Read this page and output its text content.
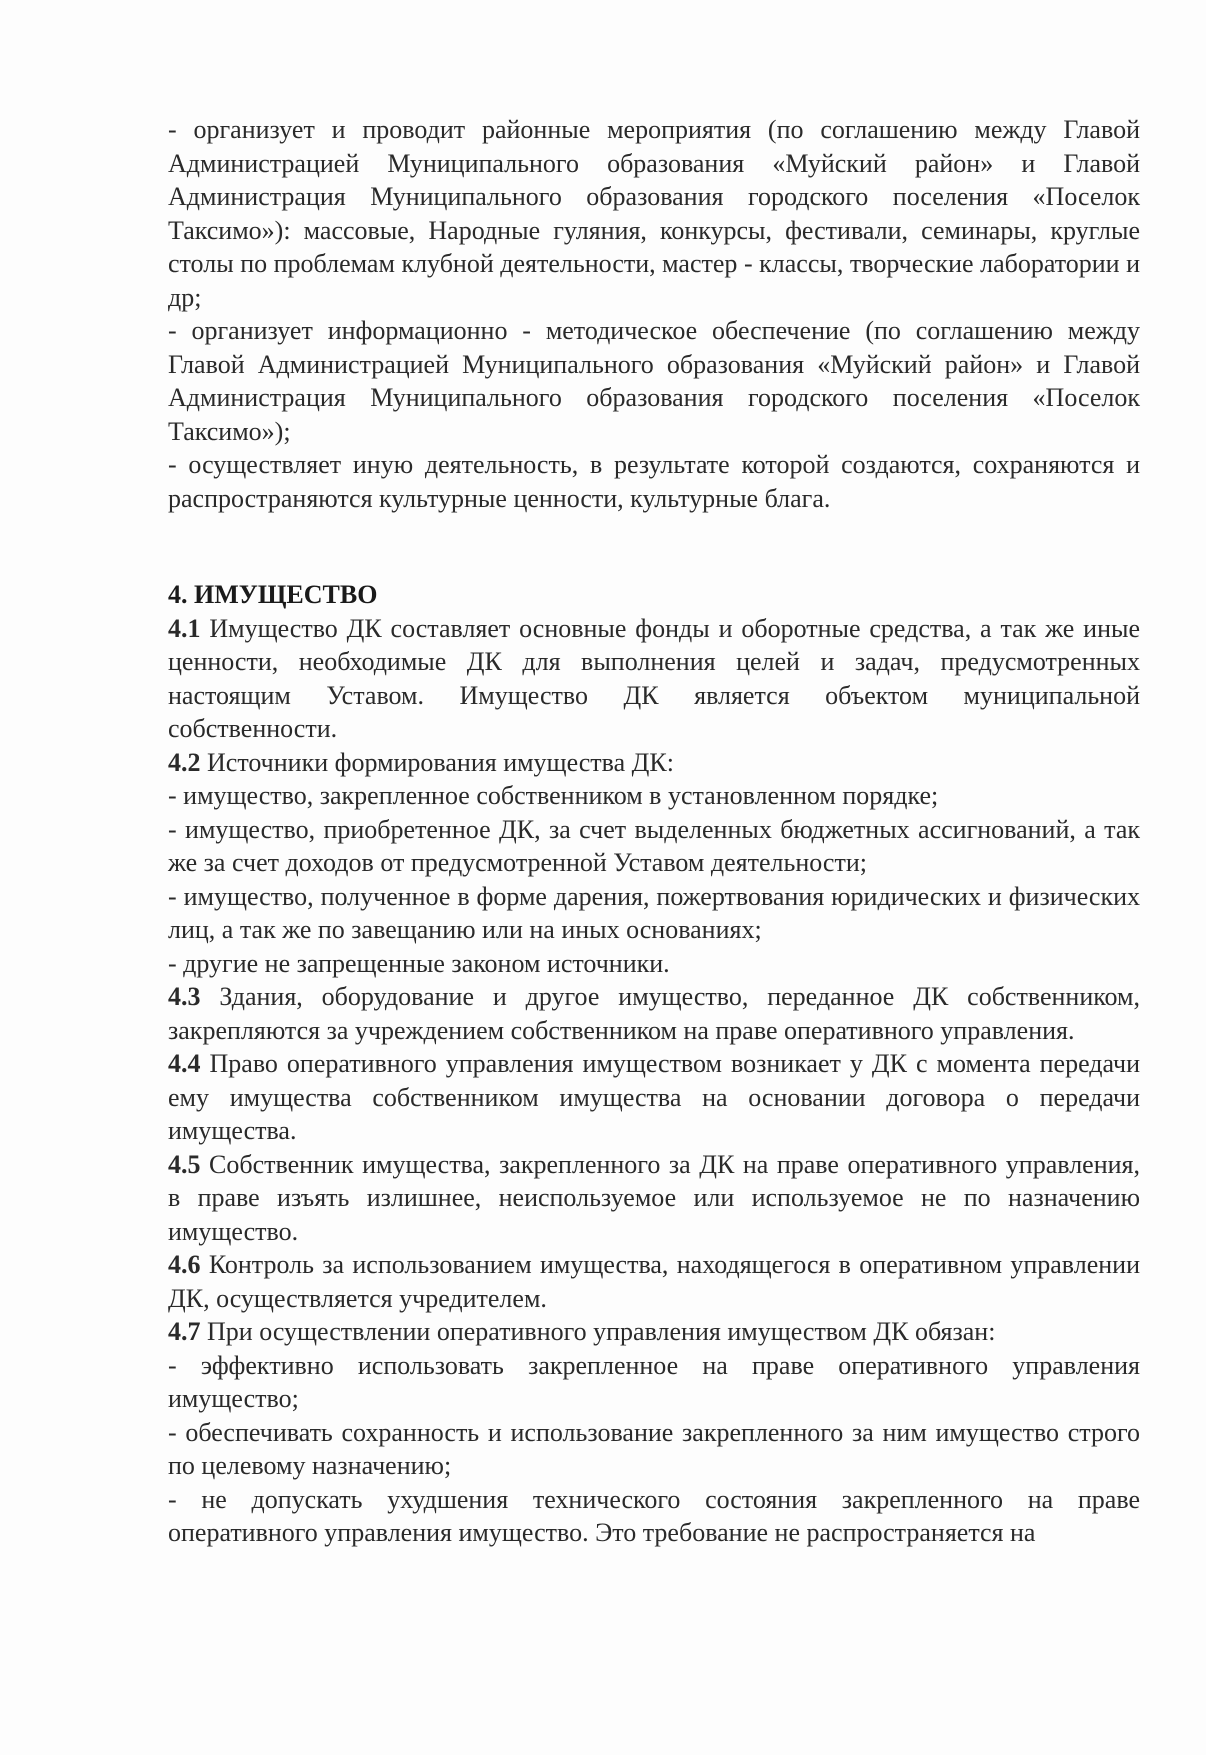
- организует и проводит районные мероприятия (по соглашению между Главой Администрацией Муниципального образования «Муйский район» и Главой Администрация Муниципального образования городского поселения «Поселок Таксимо»): массовые, Народные гуляния, конкурсы, фестивали, семинары, круглые столы по проблемам клубной деятельности, мастер - классы, творческие лаборатории и др;

- организует информационно - методическое обеспечение (по соглашению между Главой Администрацией Муниципального образования «Муйский район» и Главой Администрация Муниципального образования городского поселения «Поселок Таксимо»);

- осуществляет иную деятельность, в результате которой создаются, сохраняются и распространяются культурные ценности, культурные блага.

4. ИМУЩЕСТВО

4.1 Имущество ДК составляет основные фонды и оборотные средства, а так же иные ценности, необходимые ДК для выполнения целей и задач, предусмотренных настоящим Уставом. Имущество ДК является объектом муниципальной собственности.

4.2 Источники формирования имущества ДК:

- имущество, закрепленное собственником в установленном порядке;

- имущество, приобретенное ДК, за счет выделенных бюджетных ассигнований, а так же за счет доходов от предусмотренной Уставом деятельности;

- имущество, полученное в форме дарения, пожертвования юридических и физических лиц, а так же по завещанию или на иных основаниях;

- другие не запрещенные законом источники.

4.3 Здания, оборудование и другое имущество, переданное ДК собственником, закрепляются за учреждением собственником на праве оперативного управления.

4.4 Право оперативного управления имуществом возникает у ДК с момента передачи ему имущества собственником имущества на основании договора о передачи имущества.

4.5 Собственник имущества, закрепленного за ДК на праве оперативного управления, в праве изъять излишнее, неиспользуемое или используемое не по назначению имущество.

4.6 Контроль за использованием имущества, находящегося в оперативном управлении ДК, осуществляется учредителем.

4.7 При осуществлении оперативного управления имуществом ДК обязан:

- эффективно использовать закрепленное на праве оперативного управления имущество;

- обеспечивать сохранность и использование закрепленного за ним имущество строго по целевому назначению;

- не допускать ухудшения технического состояния закрепленного на праве оперативного управления имущество. Это требование не распространяется на
